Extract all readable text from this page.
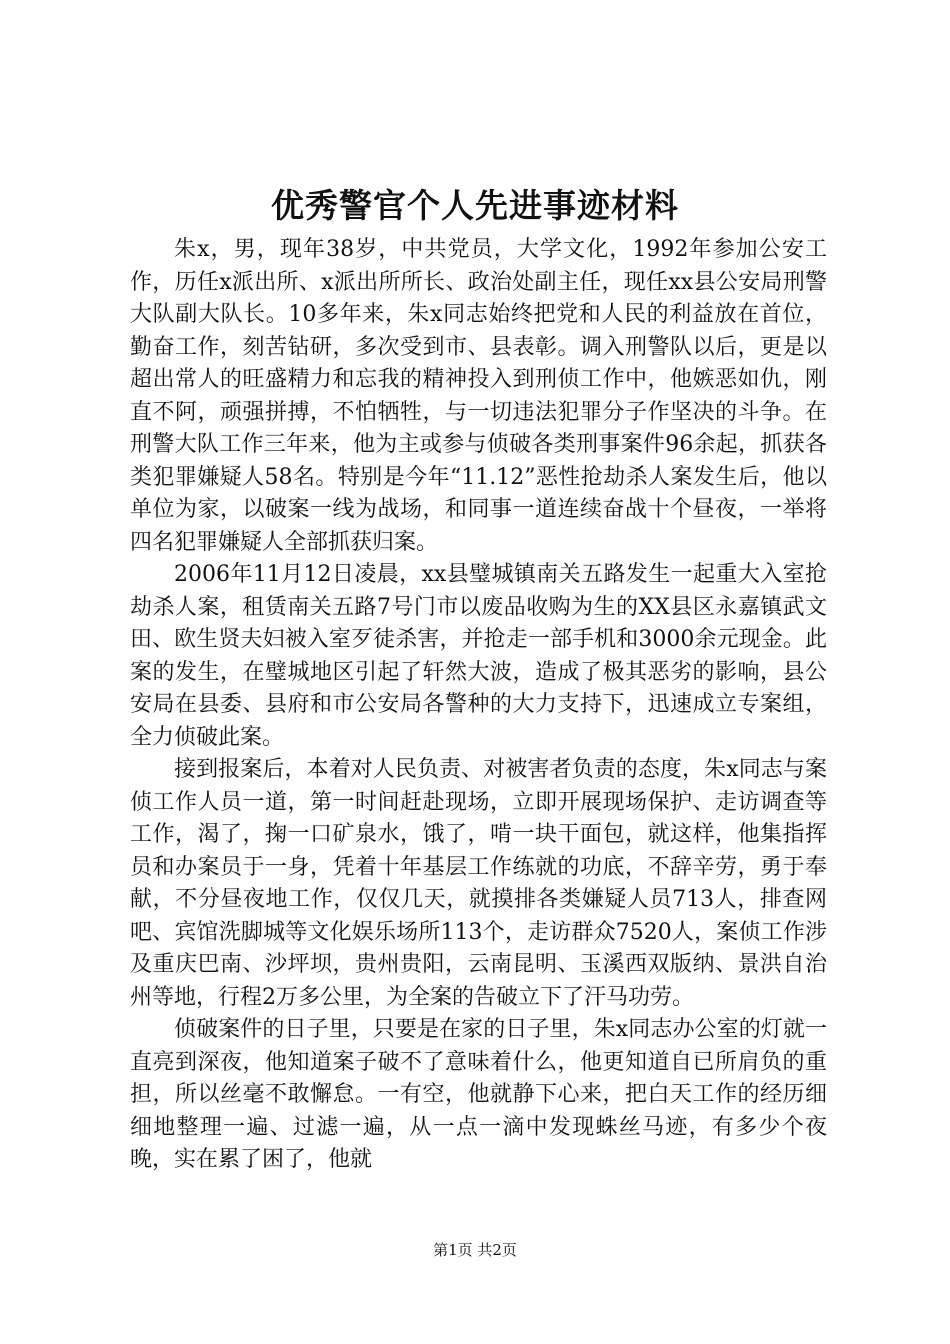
优秀警官个人先进事迹材料

朱x，男，现年38岁，中共党员，大学文化，1992年参加公安工作，历任x派出所、x派出所所长、政治处副主任，现任xx县公安局刑警大队副大队长。10多年来，朱x同志始终把党和人民的利益放在首位，勤奋工作，刻苦钻研，多次受到市、县表彰。调入刑警队以后，更是以超出常人的旺盛精力和忘我的精神投入到刑侦工作中，他嫉恶如仇，刚直不阿，顽强拼搏，不怕牺牲，与一切违法犯罪分子作坚决的斗争。在刑警大队工作三年来，他为主或参与侦破各类刑事案件96余起，抓获各类犯罪嫌疑人58名。特别是今年“11.12”恶性抢劫杀人案发生后，他以单位为家，以破案一线为战场，和同事一道连续奋战十个昼夜，一举将四名犯罪嫌疑人全部抓获归案。

2006年11月12日凌晨，xx县璧城镇南关五路发生一起重大入室抢劫杀人案，租赁南关五路7号门市以废品收购为生的XX县区永嘉镇武文田、欧生贤夫妇被入室歹徒杀害，并抢走一部手机和3000余元现金。此案的发生，在璧城地区引起了轩然大波，造成了极其恶劣的影响，县公安局在县委、县府和市公安局各警种的大力支持下，迅速成立专案组，全力侦破此案。

接到报案后，本着对人民负责、对被害者负责的态度，朱x同志与案侦工作人员一道，第一时间赶赴现场，立即开展现场保护、走访调查等工作，渴了，掬一口矿泉水，饿了，啃一块干面包，就这样，他集指挥员和办案员于一身，凭着十年基层工作练就的功底，不辞辛劳，勇于奉献，不分昼夜地工作，仅仅几天，就摸排各类嫌疑人员713人，排查网吧、宾馆洗脚城等文化娱乐场所113个，走访群众7520人，案侦工作涉及重庆巴南、沙坪坝，贵州贵阳，云南昆明、玉溪西双版纳、景洪自治州等地，行程2万多公里，为全案的告破立下了汗马功劳。

侦破案件的日子里，只要是在家的日子里，朱x同志办公室的灯就一直亮到深夜，他知道案子破不了意味着什么，他更知道自已所肩负的重担，所以丝毫不敢懈怠。一有空，他就静下心来，把白天工作的经历细细地整理一遍、过滤一遍，从一点一滴中发现蛛丝马迹，有多少个夜晚，实在累了困了，他就

第1页 共2页
